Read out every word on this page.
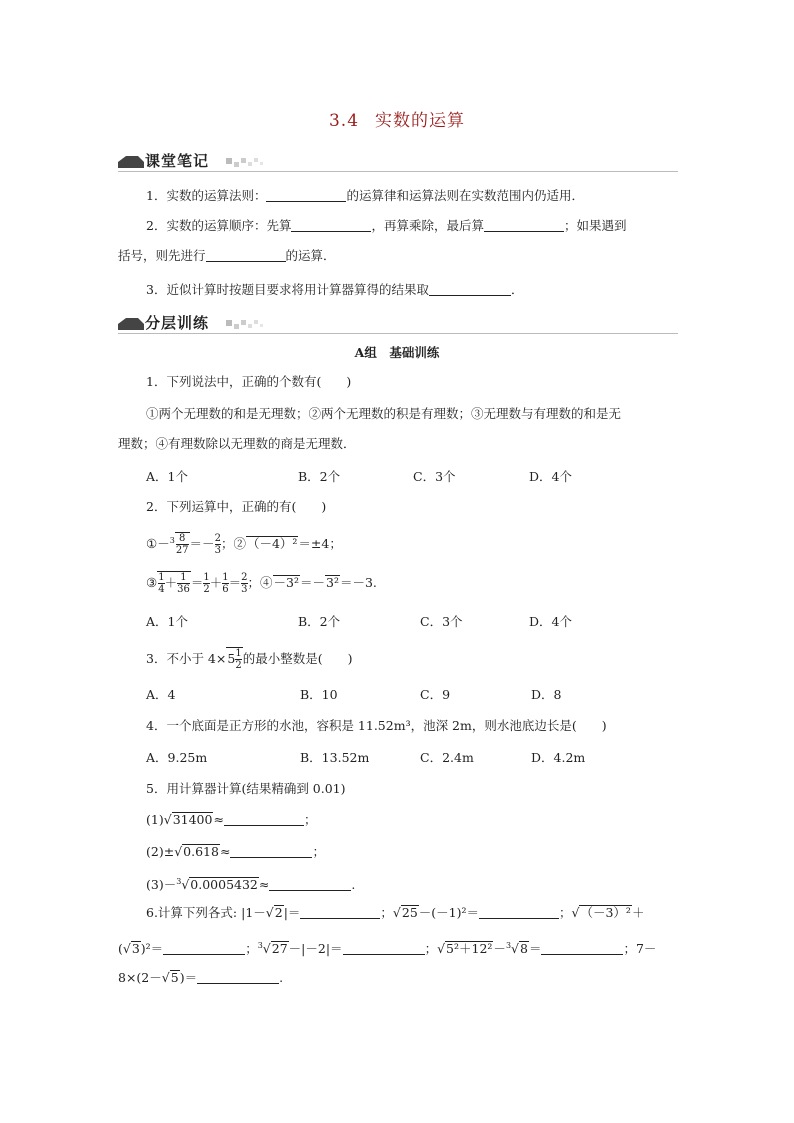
3.4 实数的运算
课堂笔记
1．实数的运算法则：	的运算律和运算法则在实数范围内仍适用．
2．实数的运算顺序：先算	，再算乘除，最后算	；如果遇到
括号，则先进行	的运算．
3．近似计算时按题目要求将用计算器算得的结果取	．
分层训练
A组　基础训练
1．下列说法中，正确的个数有(　　)
①两个无理数的和是无理数；②两个无理数的积是有理数；③无理数与有理数的和是无
理数；④有理数除以无理数的商是无理数．
A．1个	B．2个	C．3个	D．4个
2．下列运算中，正确的有(　　)
①－$^3$ $\frac{8}{27} =- \frac{2}{3}$ ；②（－4）²＝±4；
③ $\frac{1}{4} + \frac{1}{36} = \frac{1}{2} + \frac{1}{6} = \frac{2}{3}$ ；④－3²＝－3²＝－3.
A．1个	B．2个	C．3个	D．4个
3．不小于 $4\times 5 \frac{1}{2}$ 的最小整数是(　　)
A．4	B．10	C．9	D．8
4．一个底面是正方形的水池，容积是 11.52m³，池深 2m，则水池底边长是(　　)
A．9.25m	B．13.52m	C．2.4m	D．4.2m
5．用计算器计算(结果精确到 0.01)
(1)√31400≈	；
(2)±√0.618≈	；
(3)－$^3$√0.0005432≈	.
6.计算下列各式: |1－√2|＝	；√25－(－1)²＝	；√（－3）²＋
(√3)²＝	；$^3$√27－|－2|＝	；√5²＋12²－$^3$√8＝	；7－
8×(2－√5)＝	.
